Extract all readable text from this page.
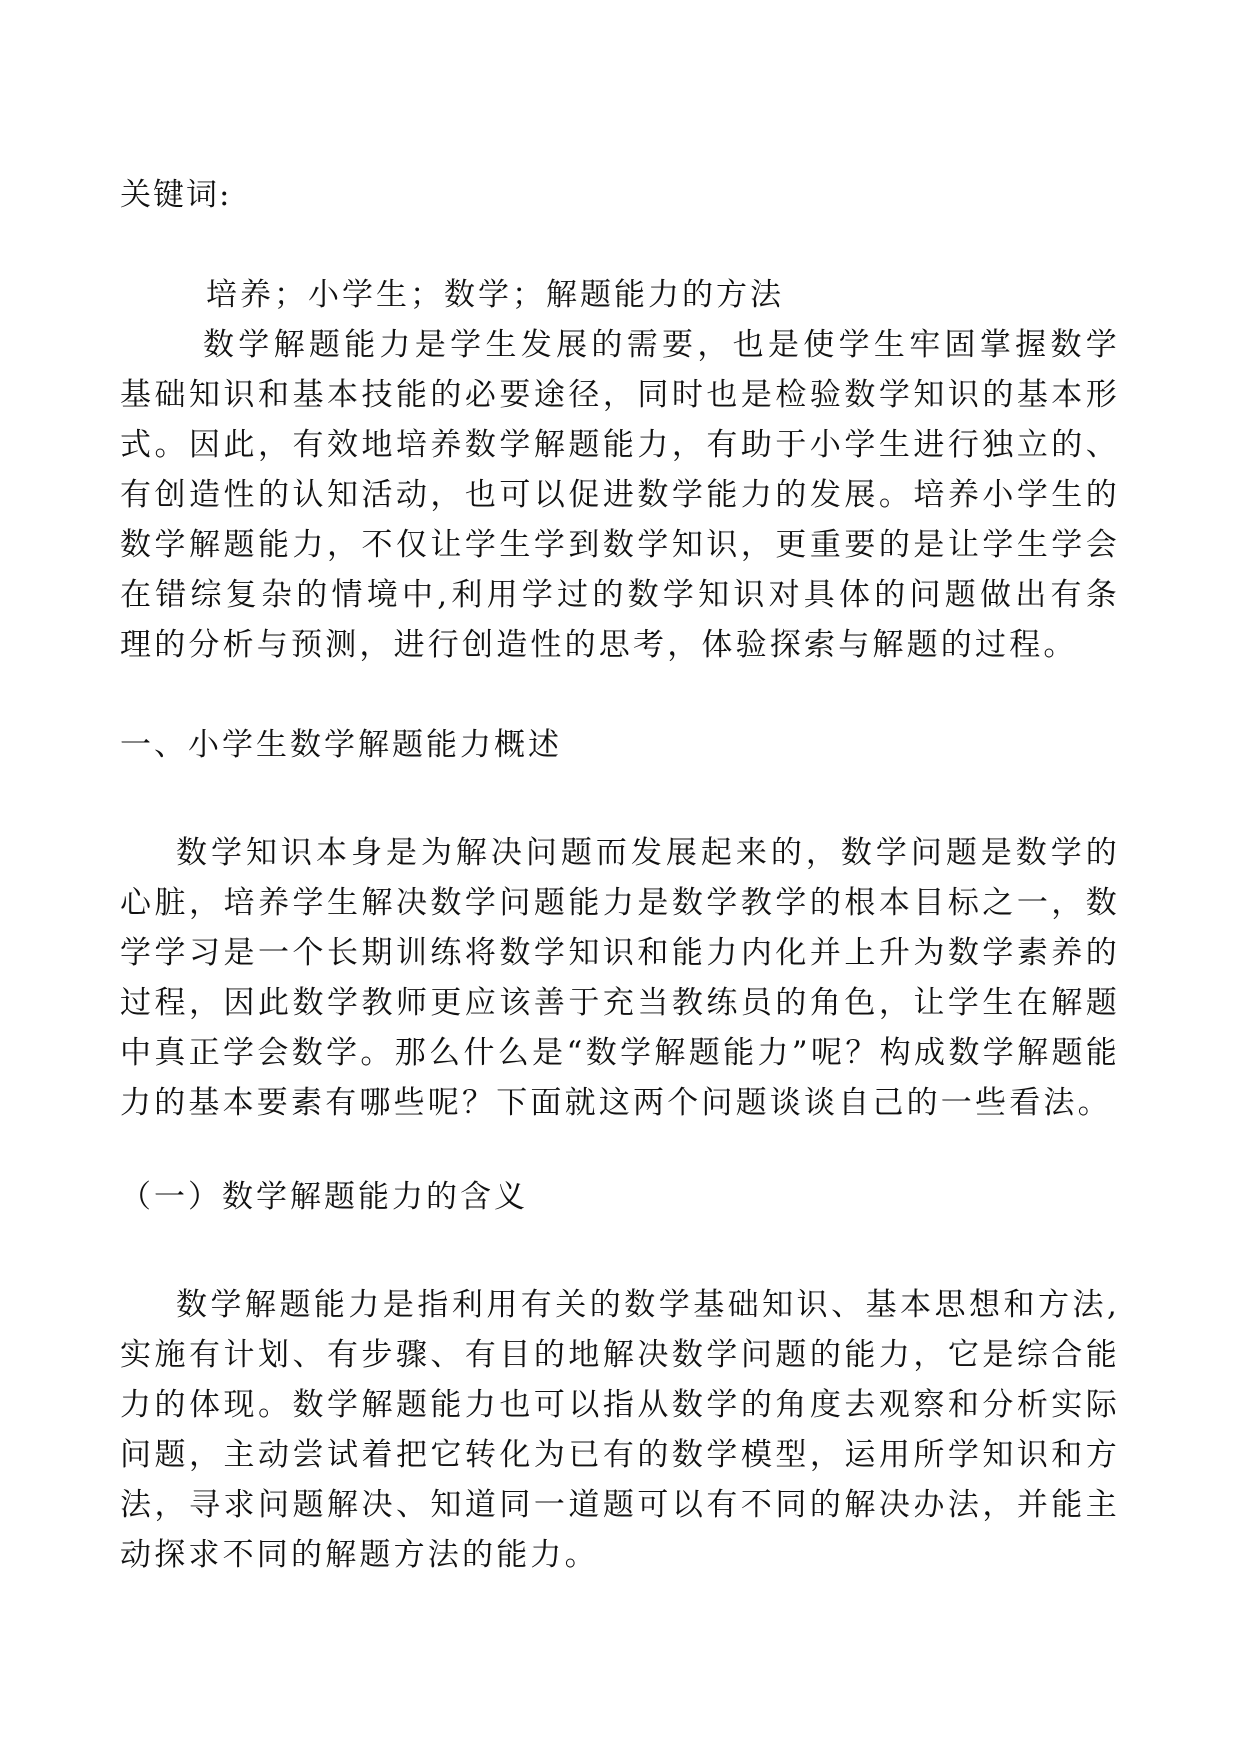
关键词:

培养；小学生；数学；解题能力的方法

数学解题能力是学生发展的需要，也是使学生牢固掌握数学基础知识和基本技能的必要途径，同时也是检验数学知识的基本形式。因此，有效地培养数学解题能力，有助于小学生进行独立的、有创造性的认知活动，也可以促进数学能力的发展。培养小学生的数学解题能力，不仅让学生学到数学知识，更重要的是让学生学会在错综复杂的情境中,利用学过的数学知识对具体的问题做出有条理的分析与预测，进行创造性的思考，体验探索与解题的过程。

一、小学生数学解题能力概述

数学知识本身是为解决问题而发展起来的，数学问题是数学的心脏，培养学生解决数学问题能力是数学教学的根本目标之一，数学学习是一个长期训练将数学知识和能力内化并上升为数学素养的过程，因此数学教师更应该善于充当教练员的角色，让学生在解题中真正学会数学。那么什么是“数学解题能力”呢？构成数学解题能力的基本要素有哪些呢？下面就这两个问题谈谈自己的一些看法。

（一）数学解题能力的含义

数学解题能力是指利用有关的数学基础知识、基本思想和方法,实施有计划、有步骤、有目的地解决数学问题的能力，它是综合能力的体现。数学解题能力也可以指从数学的角度去观察和分析实际问题，主动尝试着把它转化为已有的数学模型，运用所学知识和方法，寻求问题解决、知道同一道题可以有不同的解决办法，并能主动探求不同的解题方法的能力。
